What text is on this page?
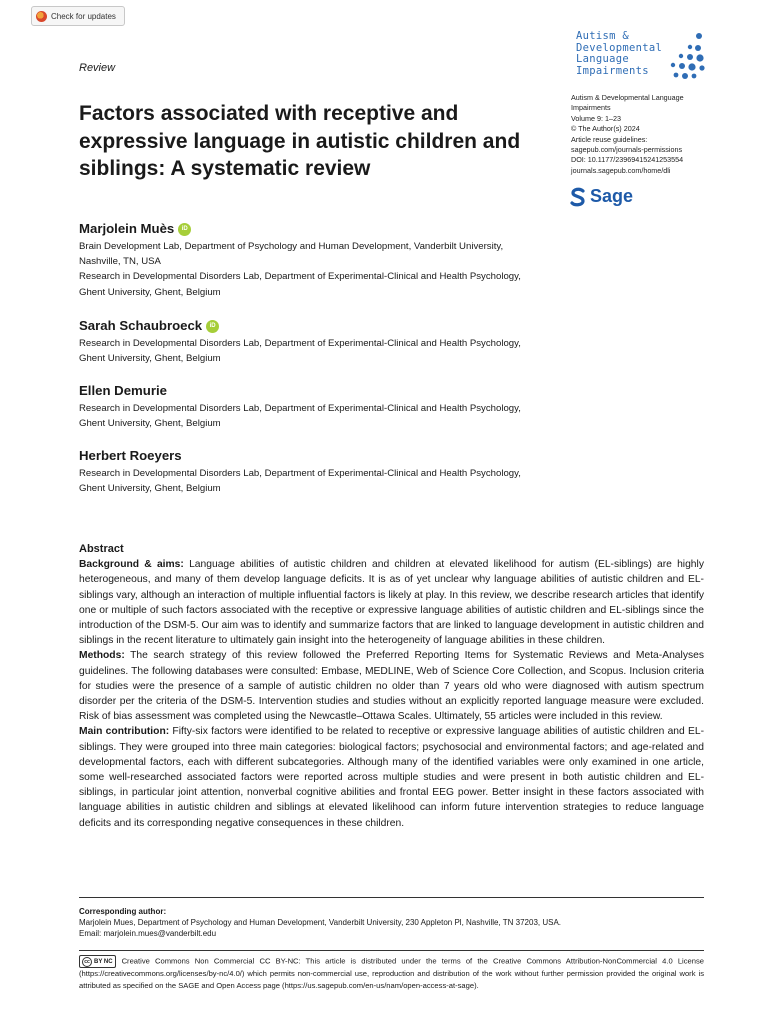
Check for updates
Review
Autism &
Developmental
Language
Impairments
Autism & Developmental Language
Impairments
Volume 9: 1–23
© The Author(s) 2024
Article reuse guidelines:
sagepub.com/journals-permissions
DOI: 10.1177/23969415241253554
journals.sagepub.com/home/dli
Sage
Factors associated with receptive and expressive language in autistic children and siblings: A systematic review
Marjolein Muès	iD
Brain Development Lab, Department of Psychology and Human Development, Vanderbilt University, Nashville, TN, USA
Research in Developmental Disorders Lab, Department of Experimental-Clinical and Health Psychology, Ghent University, Ghent, Belgium
Sarah Schaubroeck	iD
Research in Developmental Disorders Lab, Department of Experimental-Clinical and Health Psychology, Ghent University, Ghent, Belgium
Ellen Demurie
Research in Developmental Disorders Lab, Department of Experimental-Clinical and Health Psychology, Ghent University, Ghent, Belgium
Herbert Roeyers
Research in Developmental Disorders Lab, Department of Experimental-Clinical and Health Psychology, Ghent University, Ghent, Belgium
Abstract

Background & aims: Language abilities of autistic children and children at elevated likelihood for autism (EL-siblings) are highly heterogeneous, and many of them develop language deficits. It is as of yet unclear why language abilities of autistic children and EL-siblings vary, although an interaction of multiple influential factors is likely at play. In this review, we describe research articles that identify one or multiple of such factors associated with the receptive or expressive language abilities of autistic children and EL-siblings since the introduction of the DSM-5. Our aim was to identify and summarize factors that are linked to language development in autistic children and siblings in the recent literature to ultimately gain insight into the heterogeneity of language abilities in these children.

Methods: The search strategy of this review followed the Preferred Reporting Items for Systematic Reviews and Meta-Analyses guidelines. The following databases were consulted: Embase, MEDLINE, Web of Science Core Collection, and Scopus. Inclusion criteria for studies were the presence of a sample of autistic children no older than 7 years old who were diagnosed with autism spectrum disorder per the criteria of the DSM-5. Intervention studies and studies without an explicitly reported language measure were excluded. Risk of bias assessment was completed using the Newcastle–Ottawa Scales. Ultimately, 55 articles were included in this review.

Main contribution: Fifty-six factors were identified to be related to receptive or expressive language abilities of autistic children and EL-siblings. They were grouped into three main categories: biological factors; psychosocial and environmental factors; and age-related and developmental factors, each with different subcategories. Although many of the identified variables were only examined in one article, some well-researched associated factors were reported across multiple studies and were present in both autistic children and EL-siblings, in particular joint attention, nonverbal cognitive abilities and frontal EEG power. Better insight in these factors associated with language abilities in autistic children and siblings at elevated likelihood can inform future intervention strategies to reduce language deficits and its corresponding negative consequences in these children.

Corresponding author:
Marjolein Mues, Department of Psychology and Human Development, Vanderbilt University, 230 Appleton Pl, Nashville, TN 37203, USA.
Email: marjolein.mues@vanderbilt.edu
cc BY NC Creative Commons Non Commercial CC BY-NC: This article is distributed under the terms of the Creative Commons Attribution-NonCommercial 4.0 License (https://creativecommons.org/licenses/by-nc/4.0/) which permits non-commercial use, reproduction and distribution of the work without further permission provided the original work is attributed as specified on the SAGE and Open Access page (https://us.sagepub.com/en-us/nam/open-access-at-sage).
